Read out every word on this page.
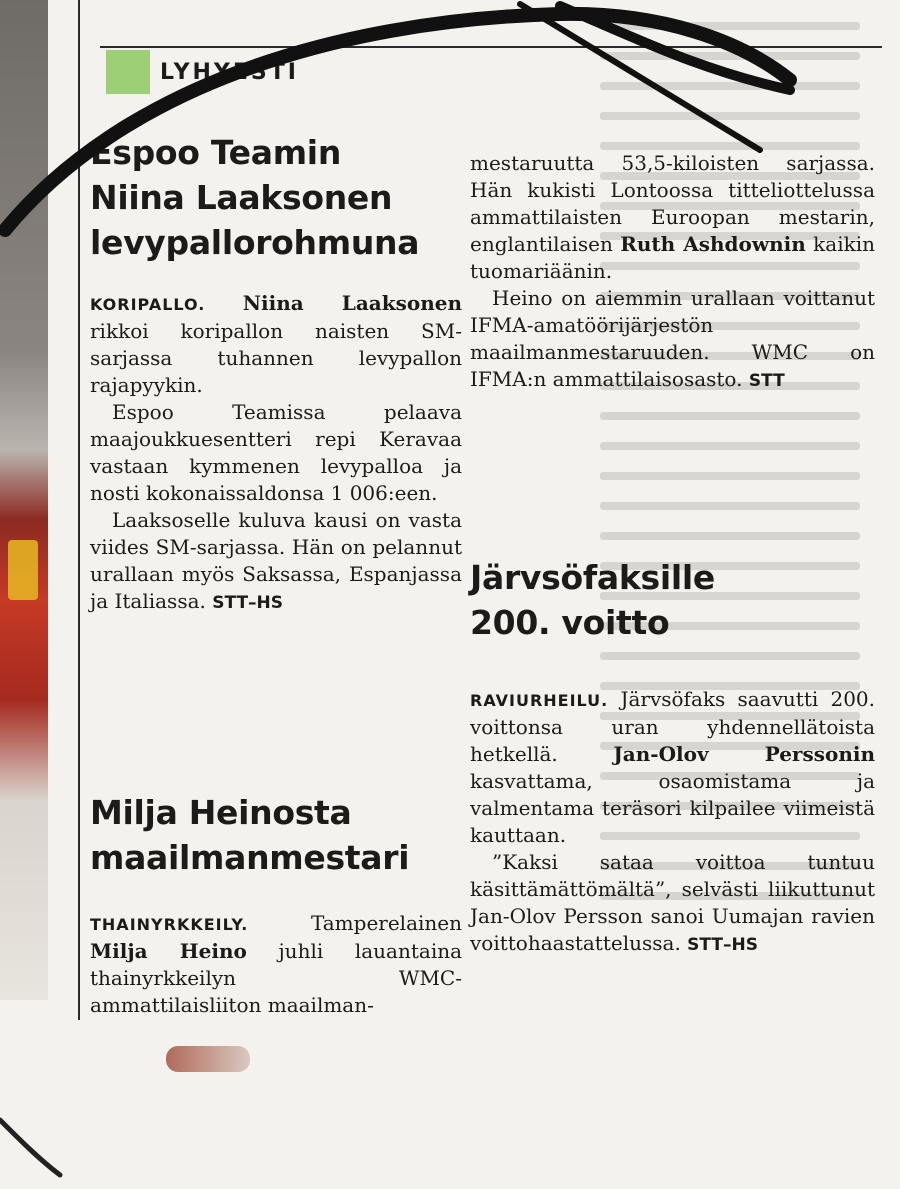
LYHYESTI
Espoo Teamin
Niina Laaksonen
levypallorohmuna

KORIPALLO. Niina Laaksonen rikkoi koripallon naisten SM-sarjassa tuhannen levypallon rajapyykin.

Espoo Teamissa pelaava maajoukkuesentteri repi Keravaa vastaan kymmenen levypalloa ja nosti kokonaissaldonsa 1 006:een.

Laaksoselle kuluva kausi on vasta viides SM-sarjassa. Hän on pelannut urallaan myös Saksassa, Espanjassa ja Italiassa. STT–HS

Milja Heinosta
maailmanmestari

THAINYRKKEILY.	Tamperelainen Milja Heino juhli lauantaina thainyrkkeilyn WMC-ammattilaisliiton maailman-

mestaruutta 53,5-kiloisten sarjassa. Hän kukisti Lontoossa titteliottelussa ammattilaisten Euroopan mestarin, englantilaisen Ruth Ashdownin kaikin tuomariäänin.

Heino on aiemmin urallaan voittanut IFMA-amatöörijärjestön maailmanmestaruuden. WMC on IFMA:n ammattilaisosasto. STT

Järvsöfaksille
200. voitto

RAVIURHEILU. Järvsöfaks saavutti 200. voittonsa uran yhdennellätoista hetkellä.	Jan-Olov Perssonin kasvattama, osaomistama ja valmentama teräsori kilpailee viimeistä kauttaan.

”Kaksi sataa voittoa tuntuu käsittämättömältä”, selvästi liikuttunut Jan-Olov Persson sanoi Uumajan ravien voittohaastattelussa. STT–HS
